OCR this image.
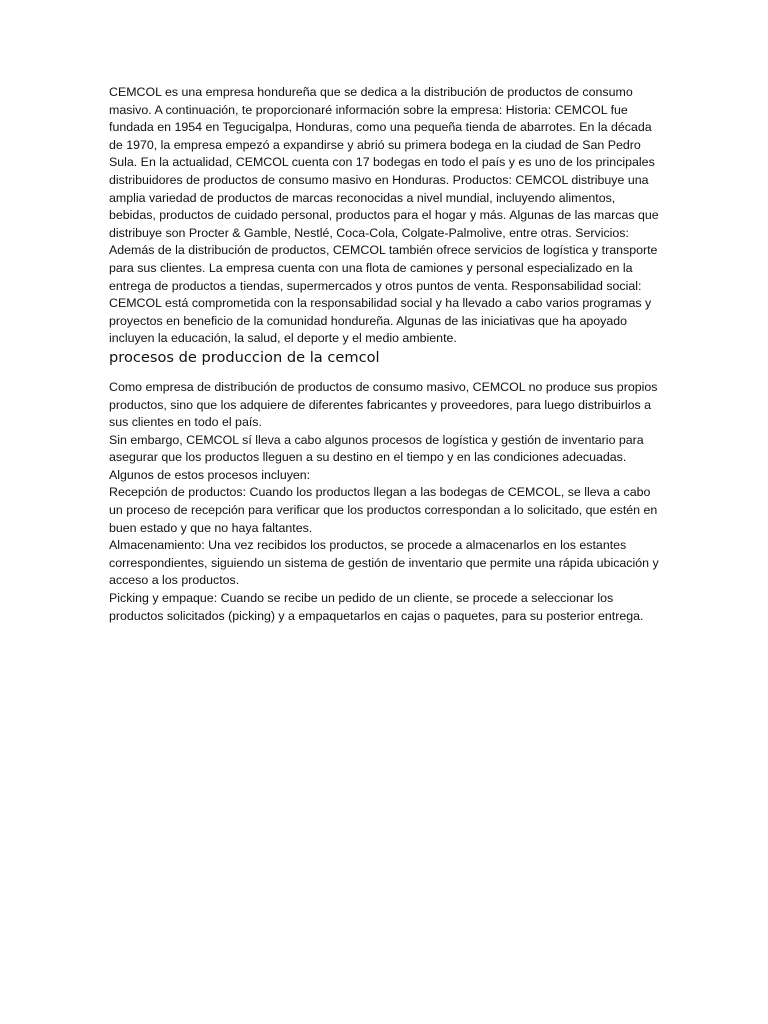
CEMCOL es una empresa hondureña que se dedica a la distribución de productos de consumo masivo. A continuación, te proporcionaré información sobre la empresa: Historia: CEMCOL fue fundada en 1954 en Tegucigalpa, Honduras, como una pequeña tienda de abarrotes. En la década de 1970, la empresa empezó a expandirse y abrió su primera bodega en la ciudad de San Pedro Sula. En la actualidad, CEMCOL cuenta con 17 bodegas en todo el país y es uno de los principales distribuidores de productos de consumo masivo en Honduras. Productos: CEMCOL distribuye una amplia variedad de productos de marcas reconocidas a nivel mundial, incluyendo alimentos, bebidas, productos de cuidado personal, productos para el hogar y más. Algunas de las marcas que distribuye son Procter & Gamble, Nestlé, Coca-Cola, Colgate-Palmolive, entre otras. Servicios: Además de la distribución de productos, CEMCOL también ofrece servicios de logística y transporte para sus clientes. La empresa cuenta con una flota de camiones y personal especializado en la entrega de productos a tiendas, supermercados y otros puntos de venta. Responsabilidad social: CEMCOL está comprometida con la responsabilidad social y ha llevado a cabo varios programas y proyectos en beneficio de la comunidad hondureña. Algunas de las iniciativas que ha apoyado incluyen la educación, la salud, el deporte y el medio ambiente.

procesos de produccion de la cemcol

Como empresa de distribución de productos de consumo masivo, CEMCOL no produce sus propios productos, sino que los adquiere de diferentes fabricantes y proveedores, para luego distribuirlos a sus clientes en todo el país.

Sin embargo, CEMCOL sí lleva a cabo algunos procesos de logística y gestión de inventario para asegurar que los productos lleguen a su destino en el tiempo y en las condiciones adecuadas. Algunos de estos procesos incluyen:

Recepción de productos: Cuando los productos llegan a las bodegas de CEMCOL, se lleva a cabo un proceso de recepción para verificar que los productos correspondan a lo solicitado, que estén en buen estado y que no haya faltantes.

Almacenamiento: Una vez recibidos los productos, se procede a almacenarlos en los estantes correspondientes, siguiendo un sistema de gestión de inventario que permite una rápida ubicación y acceso a los productos.

Picking y empaque: Cuando se recibe un pedido de un cliente, se procede a seleccionar los productos solicitados (picking) y a empaquetarlos en cajas o paquetes, para su posterior entrega.
